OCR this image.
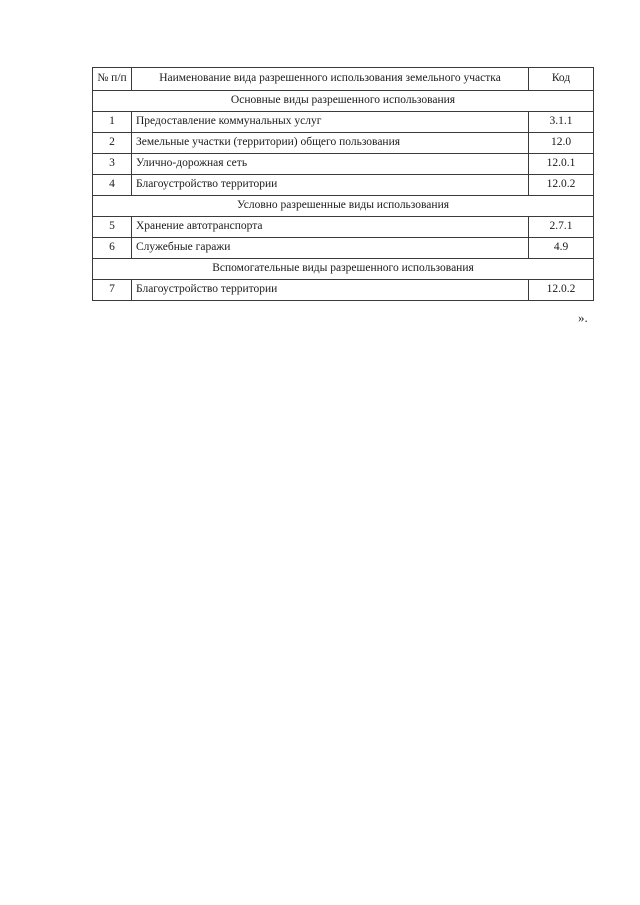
№ п/п	Наименование вида разрешенного использования земельного участка	Код
Основные виды разрешенного использования		
1	Предоставление коммунальных услуг	3.1.1
2	Земельные участки (территории) общего пользования	12.0
3	Улично-дорожная сеть	12.0.1
4	Благоустройство территории	12.0.2
Условно разрешенные виды использования		
5	Хранение автотранспорта	2.7.1
6	Служебные гаражи	4.9
Вспомогательные виды разрешенного использования		
7	Благоустройство территории	12.0.2
».
